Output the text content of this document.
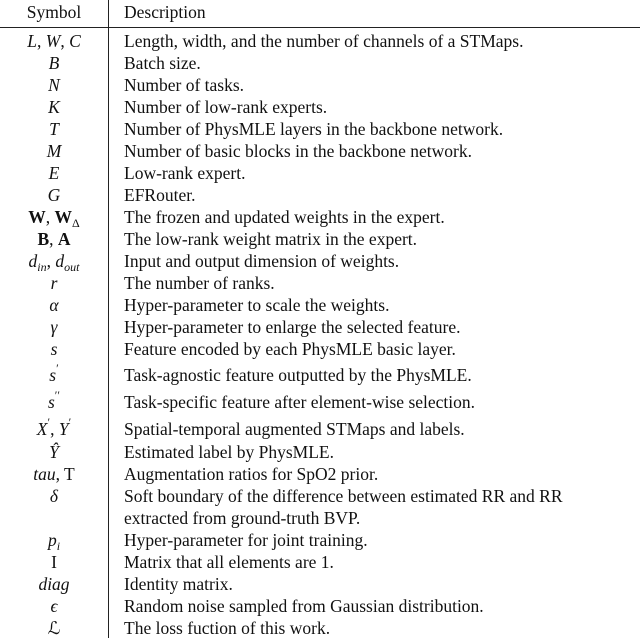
Symbol	Description
L, W, C	Length, width, and the number of channels of a STMaps.
B	Batch size.
N	Number of tasks.
K	Number of low-rank experts.
T	Number of PhysMLE layers in the backbone network.
M	Number of basic blocks in the backbone network.
E	Low-rank expert.
G	EFRouter.
W, $W_\Delta$	The frozen and updated weights in the expert.
B, A	The low-rank weight matrix in the expert.
$d_{in}$, $d_{out}$	Input and output dimension of weights.
r	The number of ranks.
α	Hyper-parameter to scale the weights.
γ	Hyper-parameter to enlarge the selected feature.
s	Feature encoded by each PhysMLE basic layer.
s′	Task-agnostic feature outputted by the PhysMLE.
s′′	Task-specific feature after element-wise selection.
X′, Y′	Spatial-temporal augmented STMaps and labels.
Ŷ	Estimated label by PhysMLE.
tau, T	Augmentation ratios for SpO2 prior.
δ	Soft boundary of the difference between estimated RR and RR extracted from ground-truth BVP.
$p_i$	Hyper-parameter for joint training.
I	Matrix that all elements are 1.
diag	Identity matrix.
ϵ	Random noise sampled from Gaussian distribution.
ℒ	The loss fuction of this work.
